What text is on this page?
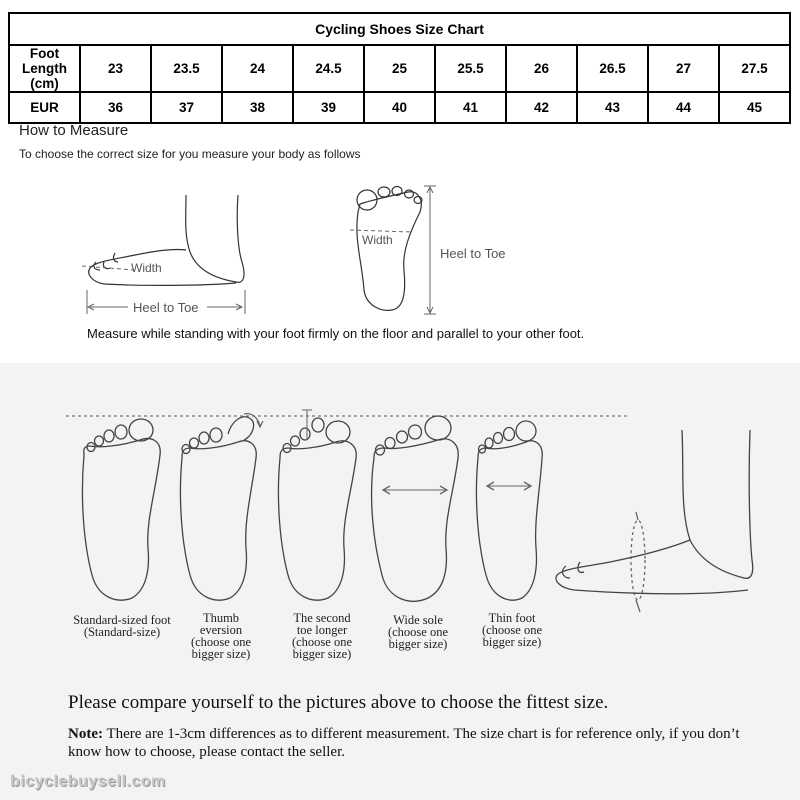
Cycling Shoes Size Chart										
Foot Length (cm)	23	23.5	24	24.5	25	25.5	26	26.5	27	27.5
EUR	36	37	38	39	40	41	42	43	44	45
How to Measure
To choose the correct size for you measure your body as follows
Width
Heel to Toe
Width
Heel to Toe
Measure while standing with your foot firmly on the floor and parallel to your other foot.
Standard-sized foot
(Standard-size)
Thumb
eversion
(choose one
bigger size)
The second
toe longer
(choose one
bigger size)
Wide sole
(choose one
bigger size)
Thin foot
(choose one
bigger size)
Please compare yourself to the pictures above to choose the fittest size.
Note: There are 1-3cm differences as to different measurement. The size chart is for reference only, if you don’t know how to choose, please contact the seller.
bicyclebuysell.com
